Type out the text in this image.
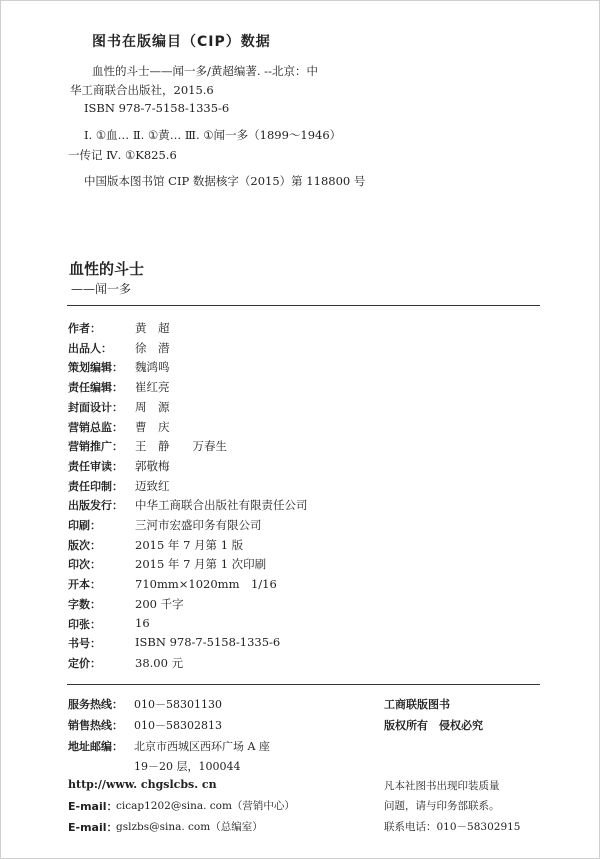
图书在版编目（CIP）数据
血性的斗士——闻一多/黄超编著. --北京：中
华工商联合出版社，2015.6
ISBN 978-7-5158-1335-6
Ⅰ. ①血… Ⅱ. ①黄… Ⅲ. ①闻一多（1899～1946）
一传记 Ⅳ. ①K825.6
中国版本图书馆 CIP 数据核字（2015）第 118800 号
血性的斗士
——闻一多
作者：	黄　超
出品人：	徐　潜
策划编辑：	魏鸿鸣
责任编辑：	崔红亮
封面设计：	周　源
营销总监：	曹　庆
营销推广：	王　静　　万春生
责任审读：	郭敬梅
责任印制：	迈致红
出版发行：	中华工商联合出版社有限责任公司
印刷：	三河市宏盛印务有限公司
版次：	2015 年 7 月第 1 版
印次：	2015 年 7 月第 1 次印刷
开本：	710mm×1020mm　1/16
字数：	200 千字
印张：	16
书号：	ISBN 978-7-5158-1335-6
定价：	38.00 元
服务热线： 010－58301130
销售热线： 010－58302813
地址邮编： 北京市西城区西环广场 A 座
19－20 层，100044
http://www. chgslcbs. cn
E-mail：
cicap1202@sina. com（营销中心）
E-mail：
gslzbs@sina. com（总编室）
工商联版图书
版权所有　侵权必究
凡本社图书出现印装质量
问题，请与印务部联系。
联系电话：010－58302915
